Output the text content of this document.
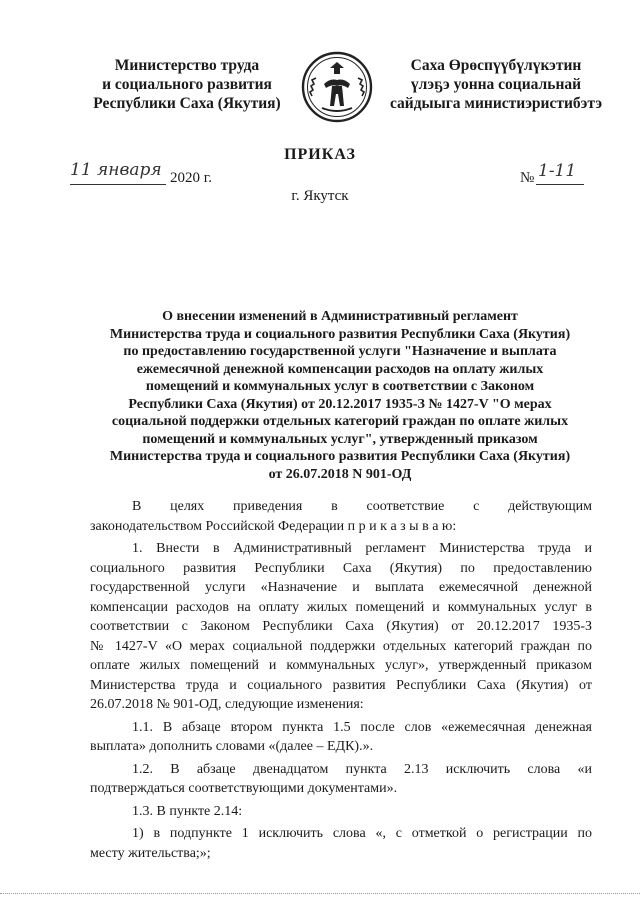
Министерство труда
и социального развития
Республики Саха (Якутия)
Саха Өрөспүүбүлүкэтин
үлэҕэ уонна социальнай
сайдыыга министиэристибэтэ
ПРИКАЗ
11 января 2020 г.	№ 1-11
г. Якутск
О внесении изменений в Административный регламент
Министерства труда и социального развития Республики Саха (Якутия)
по предоставлению государственной услуги "Назначение и выплата
ежемесячной денежной компенсации расходов на оплату жилых
помещений и коммунальных услуг в соответствии с Законом
Республики Саха (Якутия) от 20.12.2017 1935-З № 1427-V "О мерах
социальной поддержки отдельных категорий граждан по оплате жилых
помещений и коммунальных услуг", утвержденный приказом
Министерства труда и социального развития Республики Саха (Якутия)
от 26.07.2018 N 901-ОД
В целях приведения в соответствие с действующим
законодательством Российской Федерации п р и к а з ы в а ю:
1. Внести в Административный регламент Министерства труда и
социального развития Республики Саха (Якутия) по предоставлению
государственной услуги «Назначение и выплата ежемесячной денежной
компенсации расходов на оплату жилых помещений и коммунальных услуг в
соответствии с Законом Республики Саха (Якутия) от 20.12.2017 1935-З
№ 1427-V «О мерах социальной поддержки отдельных категорий граждан по
оплате жилых помещений и коммунальных услуг», утвержденный приказом
Министерства труда и социального развития Республики Саха (Якутия) от
26.07.2018 № 901-ОД, следующие изменения:
1.1. В абзаце втором пункта 1.5 после слов «ежемесячная денежная
выплата» дополнить словами «(далее – ЕДК).».
1.2. В абзаце двенадцатом пункта 2.13 исключить слова «и
подтверждаться соответствующими документами».
1.3. В пункте 2.14:
1) в подпункте 1 исключить слова «, с отметкой о регистрации по
месту жительства;»;
